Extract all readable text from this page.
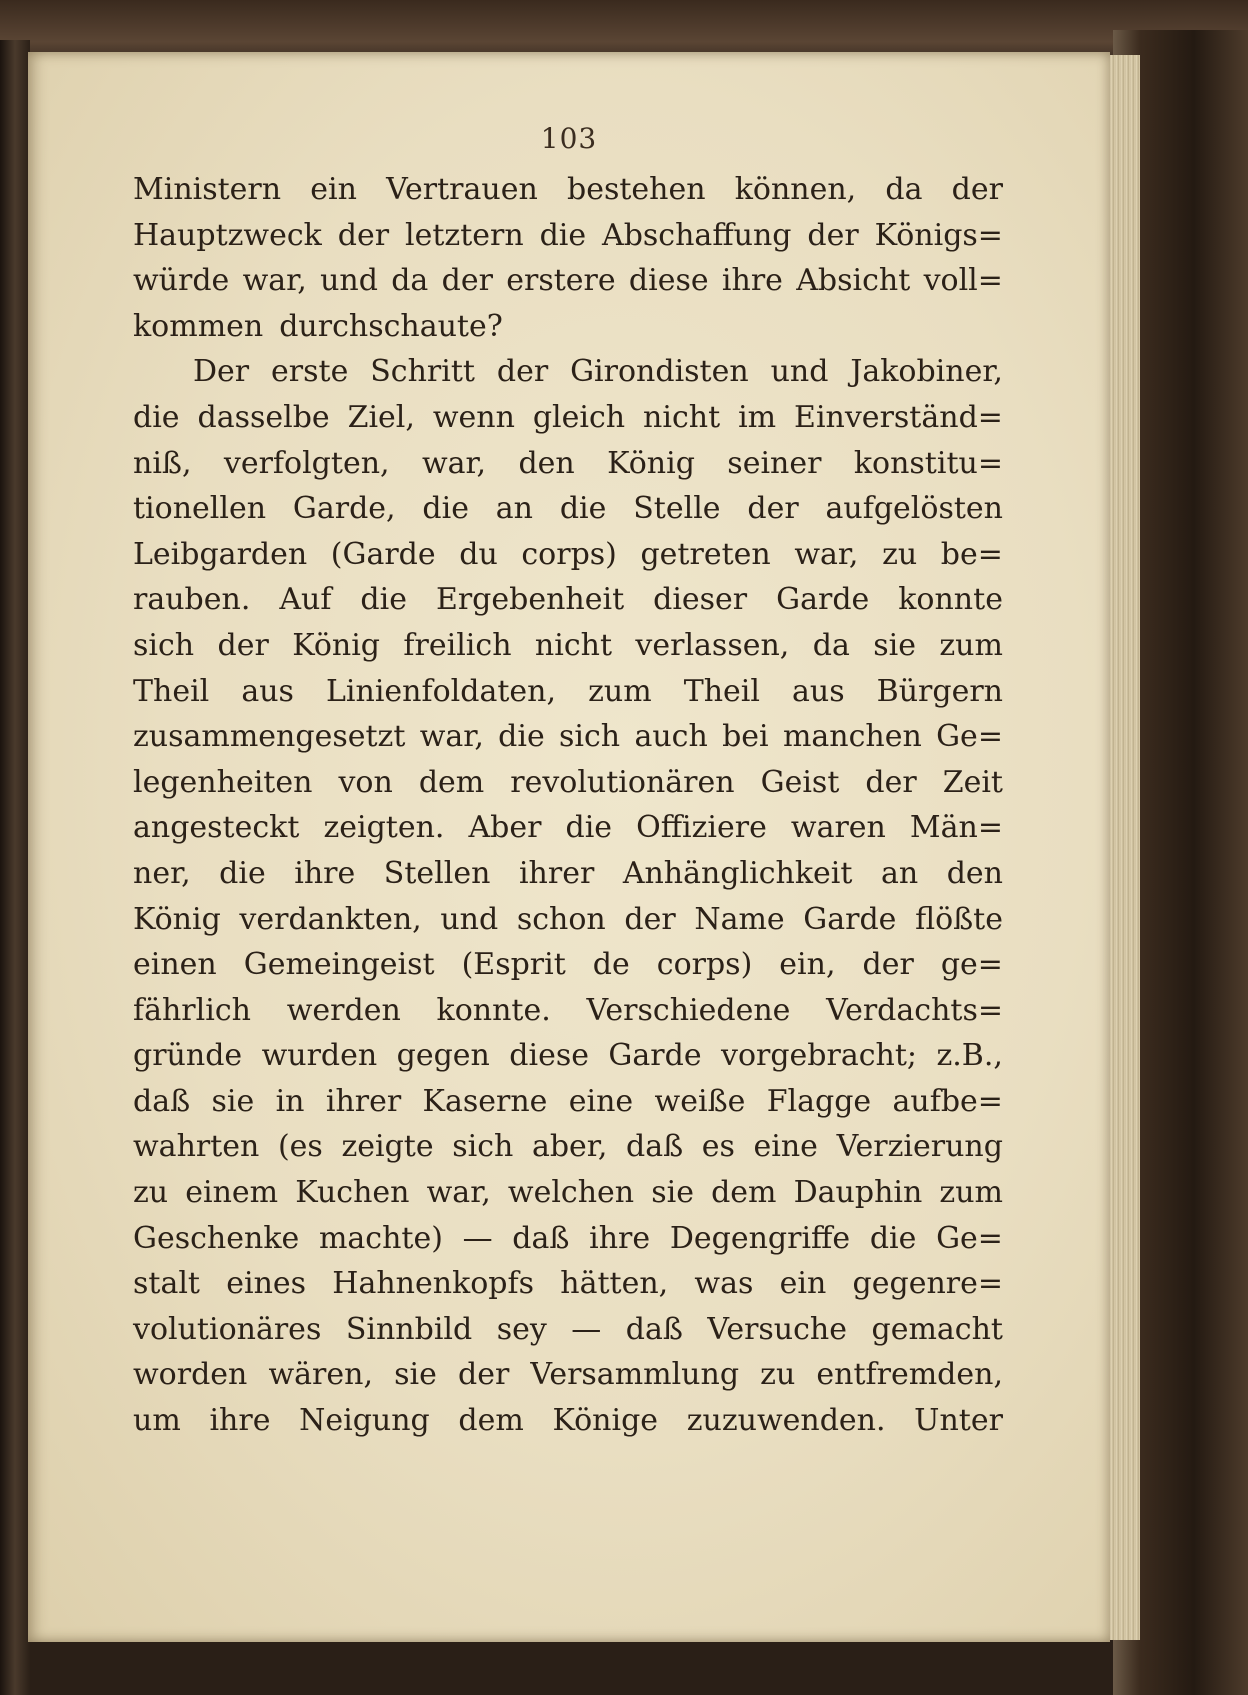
103
Ministern ein Vertrauen bestehen können, da der
Hauptzweck der letztern die Abschaffung der Königs=
würde war, und da der erstere diese ihre Absicht voll=
kommen durchschaute?
Der erste Schritt der Girondisten und Jakobiner,
die dasselbe Ziel, wenn gleich nicht im Einverständ=
niß, verfolgten, war, den König seiner konstitu=
tionellen Garde, die an die Stelle der aufgelösten
Leibgarden (Garde du corps) getreten war, zu be=
rauben. Auf die Ergebenheit dieser Garde konnte
sich der König freilich nicht verlassen, da sie zum
Theil aus Linienfoldaten, zum Theil aus Bürgern
zusammengesetzt war, die sich auch bei manchen Ge=
legenheiten von dem revolutionären Geist der Zeit
angesteckt zeigten. Aber die Offiziere waren Män=
ner, die ihre Stellen ihrer Anhänglichkeit an den
König verdankten, und schon der Name Garde flößte
einen Gemeingeist (Esprit de corps) ein, der ge=
fährlich werden konnte. Verschiedene Verdachts=
gründe wurden gegen diese Garde vorgebracht; z.B.,
daß sie in ihrer Kaserne eine weiße Flagge aufbe=
wahrten (es zeigte sich aber, daß es eine Verzierung
zu einem Kuchen war, welchen sie dem Dauphin zum
Geschenke machte) — daß ihre Degengriffe die Ge=
stalt eines Hahnenkopfs hätten, was ein gegenre=
volutionäres Sinnbild sey — daß Versuche gemacht
worden wären, sie der Versammlung zu entfremden,
um ihre Neigung dem Könige zuzuwenden. Unter
